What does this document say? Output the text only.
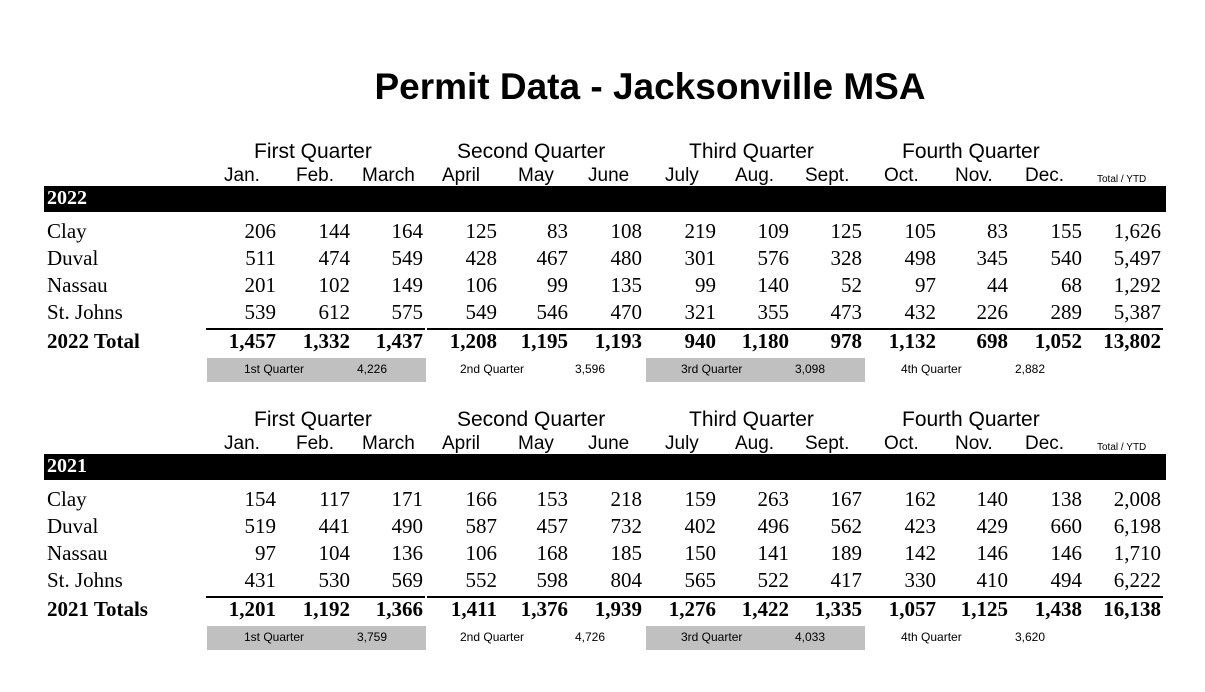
Permit Data - Jacksonville MSA
First Quarter	Second Quarter	Third Quarter	Fourth Quarter
Jan. Feb. March April May June July Aug. Sept. Oct. Nov. Dec.	Total / YTD
2022
Clay	206 144 164 125 83 108 219 109 125 105 83 155 1,626
Duval	511 474 549 428 467 480 301 576 328 498 345 540 5,497
Nassau	201 102 149 106 99 135	99 140 52	97 44	68 1,292
St. Johns	539 612 575 549 546 470 321 355 473 432 226 289 5,387
2022 Total	1,457 1,332 1,437 1,208 1,195 1,193 940 1,180 978 1,132 698 1,052 13,802
1st Quarter	4,226	2nd Quarter	3,596	3rd Quarter	3,098	4th Quarter	2,882
First Quarter	Second Quarter	Third Quarter	Fourth Quarter
Jan. Feb. March April May June July Aug. Sept. Oct. Nov. Dec.	Total / YTD
2021
Clay	154 117 171 166 153 218 159 263 167 162 140 138 2,008
Duval	519 441 490 587 457 732 402 496 562 423 429 660 6,198
Nassau	97 104 136 106 168 185 150 141 189 142 146 146 1,710
St. Johns	431 530 569 552 598 804 565 522 417 330 410 494 6,222
2021 Totals	1,201 1,192 1,366 1,411 1,376 1,939 1,276 1,422 1,335 1,057 1,125 1,438 16,138
1st Quarter	3,759	2nd Quarter	4,726	3rd Quarter	4,033	4th Quarter	3,620
